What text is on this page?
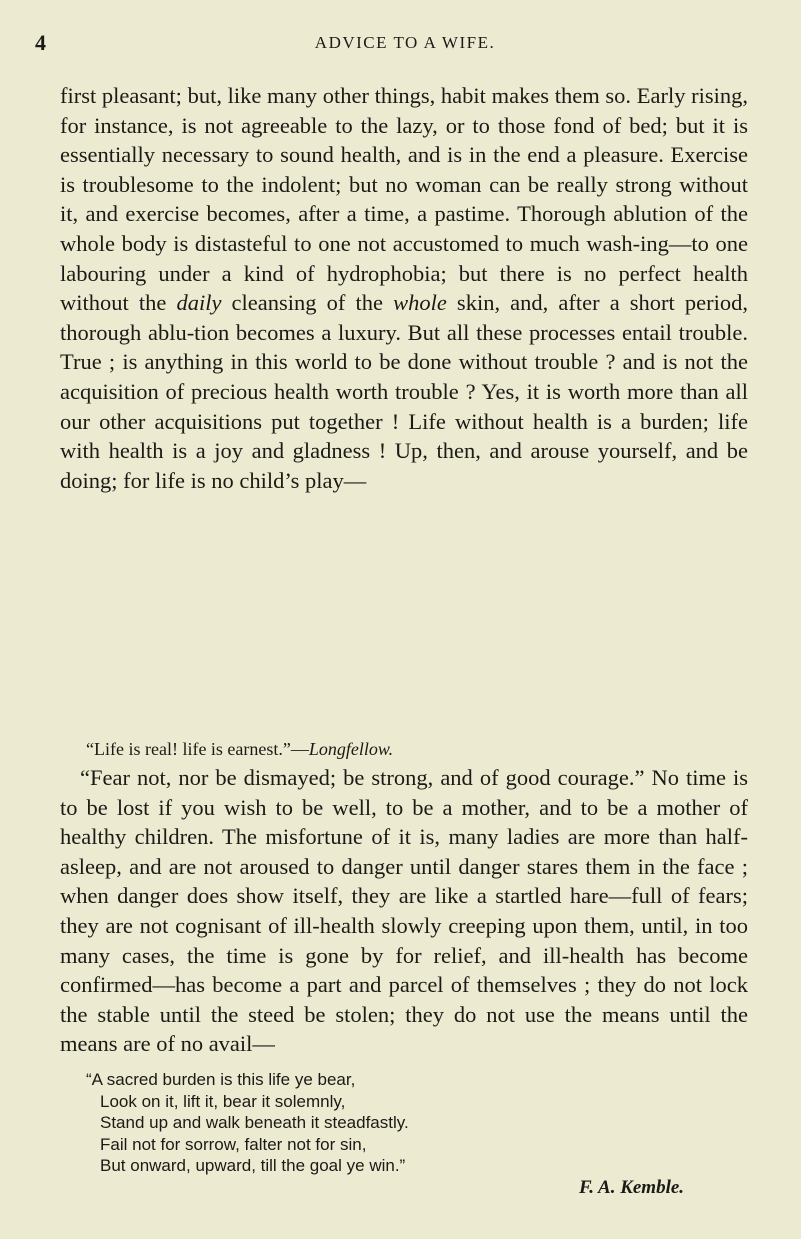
4	ADVICE TO A WIFE.

first pleasant; but, like many other things, habit makes them so. Early rising, for instance, is not agreeable to the lazy, or to those fond of bed; but it is essentially necessary to sound health, and is in the end a pleasure. Exercise is troublesome to the indolent; but no woman can be really strong without it, and exercise becomes, after a time, a pastime. Thorough ablution of the whole body is distasteful to one not accustomed to much wash-ing—to one labouring under a kind of hydrophobia; but there is no perfect health without the daily cleansing of the whole skin, and, after a short period, thorough ablu-tion becomes a luxury. But all these processes entail trouble. True ; is anything in this world to be done without trouble ? and is not the acquisition of precious health worth trouble ? Yes, it is worth more than all our other acquisitions put together ! Life without health is a burden; life with health is a joy and gladness ! Up, then, and arouse yourself, and be doing; for life is no child’s play—

“Life is real! life is earnest.”—Longfellow.

“Fear not, nor be dismayed; be strong, and of good courage.” No time is to be lost if you wish to be well, to be a mother, and to be a mother of healthy children. The misfortune of it is, many ladies are more than half-asleep, and are not aroused to danger until danger stares them in the face ; when danger does show itself, they are like a startled hare—full of fears; they are not cognisant of ill-health slowly creeping upon them, until, in too many cases, the time is gone by for relief, and ill-health has become confirmed—has become a part and parcel of themselves ; they do not lock the stable until the steed be stolen; they do not use the means until the means are of no avail—

“A sacred burden is this life ye bear,
Look on it, lift it, bear it solemnly,
Stand up and walk beneath it steadfastly.
Fail not for sorrow, falter not for sin,
But onward, upward, till the goal ye win.”
F. A. Kemble.
